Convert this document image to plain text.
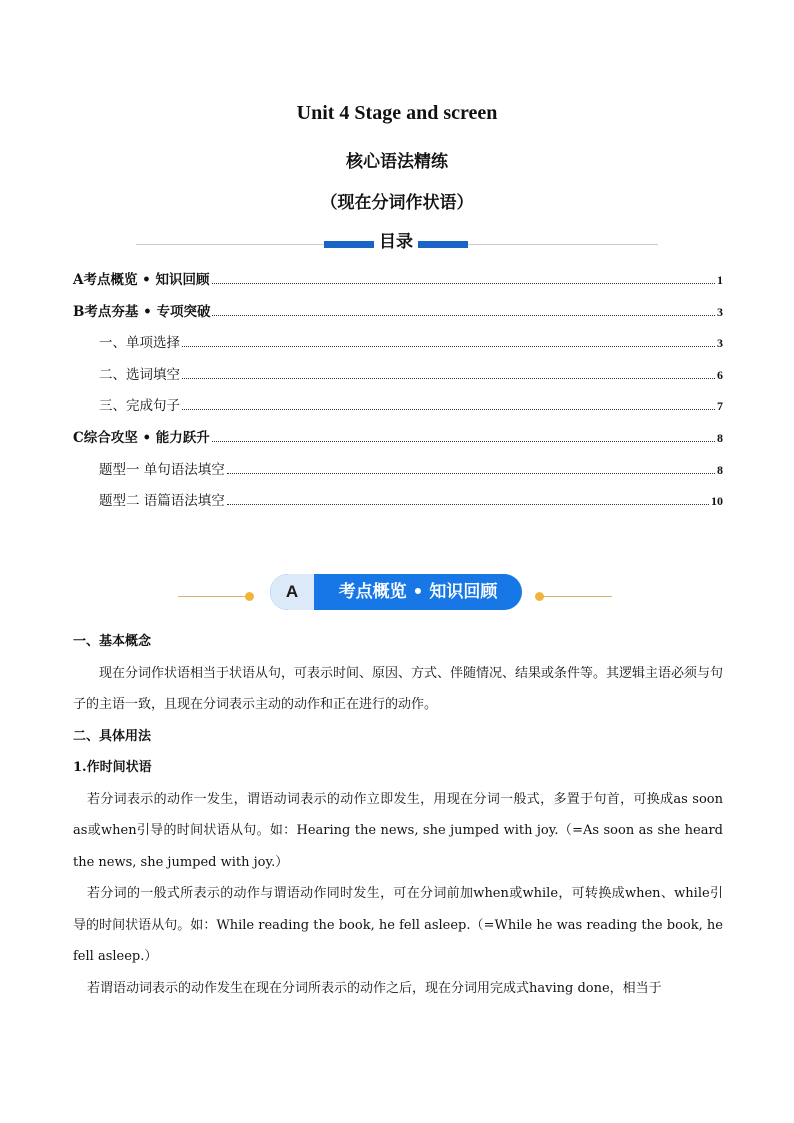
Unit 4 Stage and screen
核心语法精练
（现在分词作状语）
目录
A考点概览 • 知识回顾	1
B考点夯基 • 专项突破	3
一、单项选择	3
二、选词填空	6
三、完成句子	7
C综合攻坚 • 能力跃升	8
题型一 单句语法填空	8
题型二 语篇语法填空	10
A	考点概览 • 知识回顾
一、基本概念
现在分词作状语相当于状语从句，可表示时间、原因、方式、伴随情况、结果或条件等。其逻辑主语必须与句子的主语一致，且现在分词表示主动的动作和正在进行的动作。
二、具体用法
1.作时间状语
若分词表示的动作一发生，谓语动词表示的动作立即发生，用现在分词一般式，多置于句首，可换成as soon as或when引导的时间状语从句。如：Hearing the news, she jumped with joy.（=As soon as she heard the news, she jumped with joy.）
若分词的一般式所表示的动作与谓语动作同时发生，可在分词前加when或while，可转换成when、while引导的时间状语从句。如：While reading the book, he fell asleep.（=While he was reading the book, he fell asleep.）
若谓语动词表示的动作发生在现在分词所表示的动作之后，现在分词用完成式having done，相当于
